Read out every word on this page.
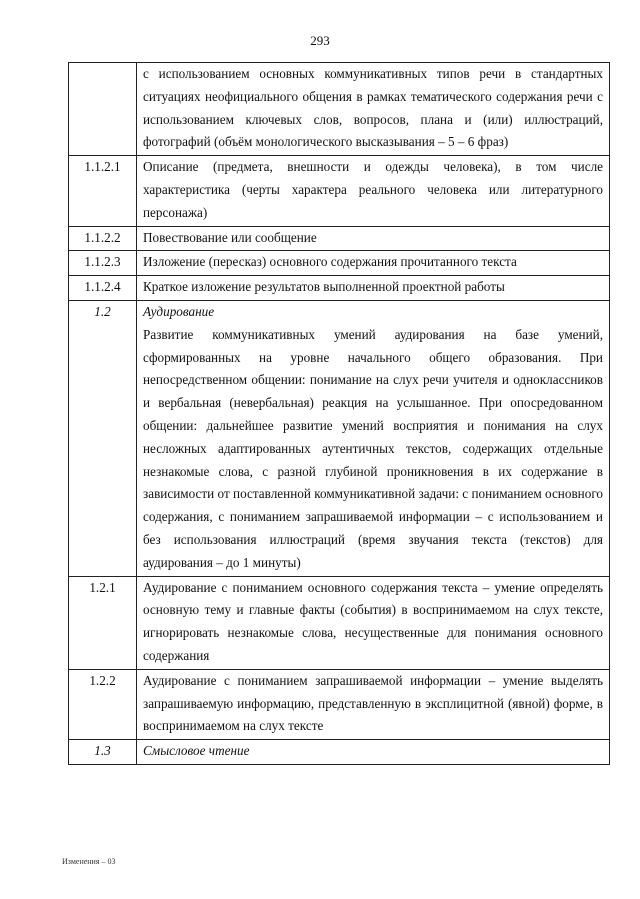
293
	с использованием основных коммуникативных типов речи в стандартных ситуациях неофициального общения в рамках тематического содержания речи с использованием ключевых слов, вопросов, плана и (или) иллюстраций, фотографий (объём монологического высказывания – 5 – 6 фраз)
1.1.2.1	Описание (предмета, внешности и одежды человека), в том числе характеристика (черты характера реального человека или литературного персонажа)
1.1.2.2	Повествование или сообщение
1.1.2.3	Изложение (пересказ) основного содержания прочитанного текста
1.1.2.4	Краткое изложение результатов выполненной проектной работы
1.2	Аудирование
Развитие коммуникативных умений аудирования на базе умений, сформированных на уровне начального общего образования. При непосредственном общении: понимание на слух речи учителя и одноклассников и вербальная (невербальная) реакция на услышанное. При опосредованном общении: дальнейшее развитие умений восприятия и понимания на слух несложных адаптированных аутентичных текстов, содержащих отдельные незнакомые слова, с разной глубиной проникновения в их содержание в зависимости от поставленной коммуникативной задачи: с пониманием основного содержания, с пониманием запрашиваемой информации – с использованием и без использования иллюстраций (время звучания текста (текстов) для аудирования – до 1 минуты)

1.2.1	Аудирование с пониманием основного содержания текста – умение определять основную тему и главные факты (события) в воспринимаемом на слух тексте, игнорировать незнакомые слова, несущественные для понимания основного содержания
1.2.2	Аудирование с пониманием запрашиваемой информации – умение выделять запрашиваемую информацию, представленную в эксплицитной (явной) форме, в воспринимаемом на слух тексте
1.3	Смысловое чтение
Изменения – 03
